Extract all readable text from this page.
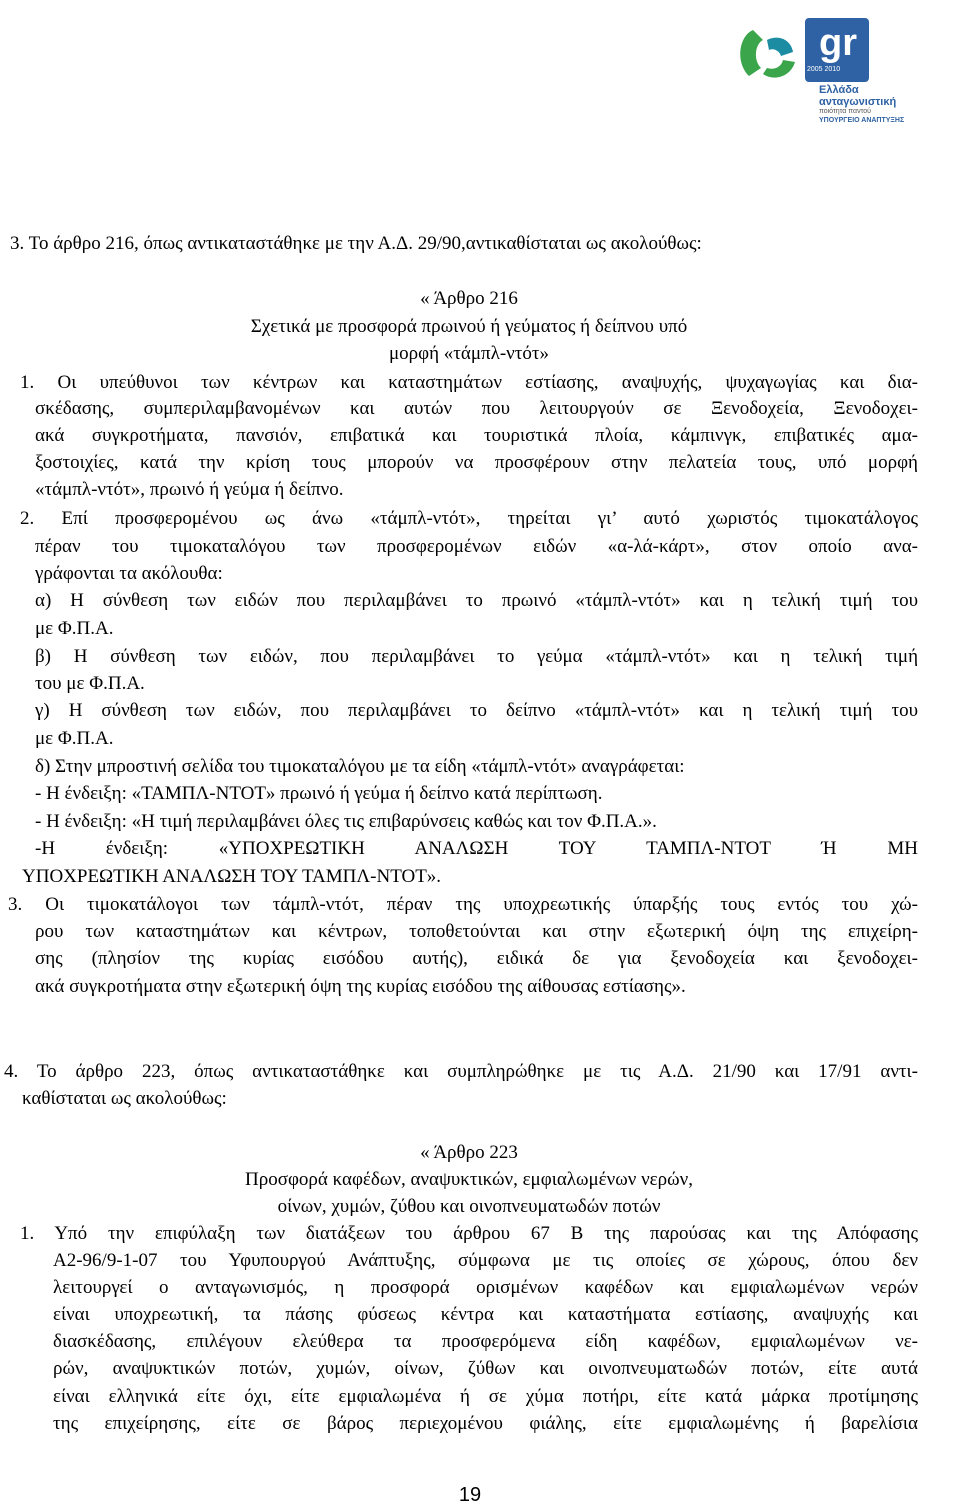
gr
2005 2010
Ελλάδα
ανταγωνιστική
ποιότητα παντού
ΥΠΟΥΡΓΕΙΟ ΑΝΑΠΤΥΞΗΣ
3. Το άρθρο 216, όπως αντικαταστάθηκε με την Α.Δ. 29/90,αντικαθίσταται ως ακολούθως:
« Άρθρο 216
Σχετικά με προσφορά πρωινού ή γεύματος ή δείπνου υπό
μορφή «τάμπλ-ντότ»
1. Οι υπεύθυνοι των κέντρων και καταστημάτων εστίασης, αναψυχής, ψυχαγωγίας και δια-
σκέδασης, συμπεριλαμβανομένων και αυτών που λειτουργούν σε Ξενοδοχεία, Ξενοδοχει-
ακά συγκροτήματα, πανσιόν, επιβατικά και τουριστικά πλοία, κάμπινγκ, επιβατικές αμα-
ξοστοιχίες, κατά την κρίση τους μπορούν να προσφέρουν στην πελατεία τους, υπό μορφή
«τάμπλ-ντότ», πρωινό ή γεύμα ή δείπνο.
2. Επί προσφερομένου ως άνω «τάμπλ-ντότ», τηρείται γι’ αυτό χωριστός τιμοκατάλογος
πέραν του τιμοκαταλόγου των προσφερομένων ειδών «α-λά-κάρτ», στον οποίο ανα-
γράφονται τα ακόλουθα:
α) Η σύνθεση των ειδών που περιλαμβάνει το πρωινό «τάμπλ-ντότ» και η τελική τιμή του
με Φ.Π.Α.
β) Η σύνθεση των ειδών, που περιλαμβάνει το γεύμα «τάμπλ-ντότ» και η τελική τιμή
του με Φ.Π.Α.
γ) Η σύνθεση των ειδών, που περιλαμβάνει το δείπνο «τάμπλ-ντότ» και η τελική τιμή του
με Φ.Π.Α.
δ) Στην μπροστινή σελίδα του τιμοκαταλόγου με τα είδη «τάμπλ-ντότ» αναγράφεται:
- Η ένδειξη: «ΤΑΜΠΛ-ΝΤΟΤ» πρωινό ή γεύμα ή δείπνο κατά περίπτωση.
- Η ένδειξη: «Η τιμή περιλαμβάνει όλες τις επιβαρύνσεις καθώς και τον Φ.Π.Α.».
-Η ένδειξη: «ΥΠΟΧΡΕΩΤΙΚΗ ΑΝΑΛΩΣΗ ΤΟΥ ΤΑΜΠΛ-ΝΤΟΤ Ή ΜΗ
ΥΠΟΧΡΕΩΤΙΚΗ ΑΝΑΛΩΣΗ ΤΟΥ ΤΑΜΠΛ-ΝΤΟΤ».
3. Οι τιμοκατάλογοι των τάμπλ-ντότ, πέραν της υποχρεωτικής ύπαρξής τους εντός του χώ-
ρου των καταστημάτων και κέντρων, τοποθετούνται και στην εξωτερική όψη της επιχείρη-
σης (πλησίον της κυρίας εισόδου αυτής), ειδικά δε για ξενοδοχεία και ξενοδοχει-
ακά συγκροτήματα στην εξωτερική όψη της κυρίας εισόδου της αίθουσας εστίασης».
4. Το άρθρο 223, όπως αντικαταστάθηκε και συμπληρώθηκε με τις Α.Δ. 21/90 και 17/91 αντι-
καθίσταται ως ακολούθως:
« Άρθρο 223
Προσφορά καφέδων, αναψυκτικών, εμφιαλωμένων νερών,
οίνων, χυμών, ζύθου και οινοπνευματωδών ποτών
1. Υπό την επιφύλαξη των διατάξεων του άρθρου 67 Β της παρούσας και της Απόφασης
Α2-96/9-1-07 του Υφυπουργού Ανάπτυξης, σύμφωνα με τις οποίες σε χώρους, όπου δεν
λειτουργεί ο ανταγωνισμός, η προσφορά ορισμένων καφέδων και εμφιαλωμένων νερών
είναι υποχρεωτική, τα πάσης φύσεως κέντρα και καταστήματα εστίασης, αναψυχής και
διασκέδασης, επιλέγουν ελεύθερα τα προσφερόμενα είδη καφέδων, εμφιαλωμένων νε-
ρών, αναψυκτικών ποτών, χυμών, οίνων, ζύθων και οινοπνευματωδών ποτών, είτε αυτά
είναι ελληνικά είτε όχι, είτε εμφιαλωμένα ή σε χύμα ποτήρι, είτε κατά μάρκα προτίμησης
της επιχείρησης, είτε σε βάρος περιεχομένου φιάλης, είτε εμφιαλωμένης ή βαρελίσια
19
